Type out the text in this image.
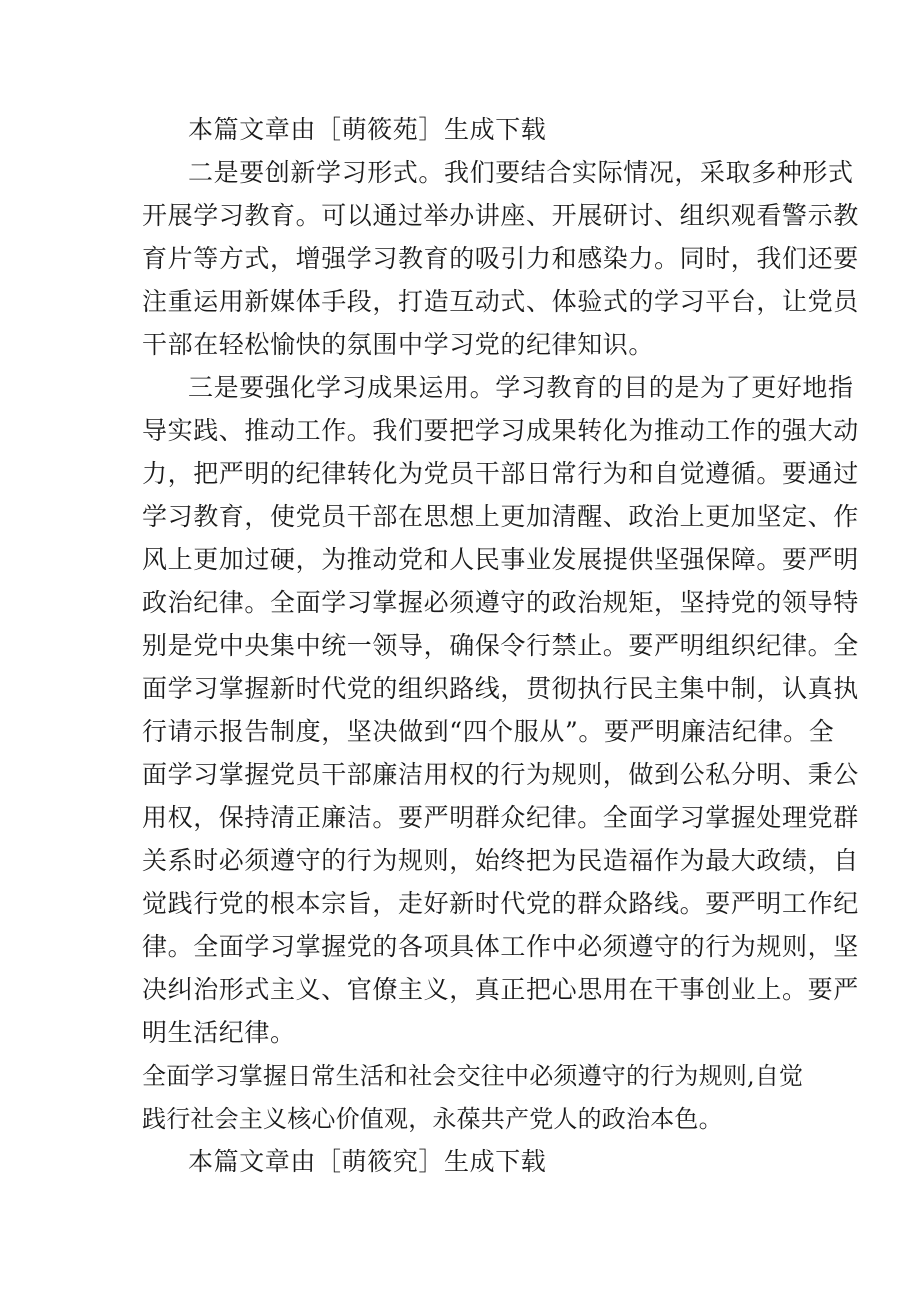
本篇文章由［萌筱苑］生成下载
二是要创新学习形式。我们要结合实际情况，采取多种形式
开展学习教育。可以通过举办讲座、开展研讨、组织观看警示教
育片等方式，增强学习教育的吸引力和感染力。同时，我们还要
注重运用新媒体手段，打造互动式、体验式的学习平台，让党员
干部在轻松愉快的氛围中学习党的纪律知识。
三是要强化学习成果运用。学习教育的目的是为了更好地指
导实践、推动工作。我们要把学习成果转化为推动工作的强大动
力，把严明的纪律转化为党员干部日常行为和自觉遵循。要通过
学习教育，使党员干部在思想上更加清醒、政治上更加坚定、作
风上更加过硬，为推动党和人民事业发展提供坚强保障。要严明
政治纪律。全面学习掌握必须遵守的政治规矩，坚持党的领导特
别是党中央集中统一领导，确保令行禁止。要严明组织纪律。全
面学习掌握新时代党的组织路线，贯彻执行民主集中制，认真执
行请示报告制度，坚决做到“四个服从”。要严明廉洁纪律。全
面学习掌握党员干部廉洁用权的行为规则，做到公私分明、秉公
用权，保持清正廉洁。要严明群众纪律。全面学习掌握处理党群
关系时必须遵守的行为规则，始终把为民造福作为最大政绩，自
觉践行党的根本宗旨，走好新时代党的群众路线。要严明工作纪
律。全面学习掌握党的各项具体工作中必须遵守的行为规则，坚
决纠治形式主义、官僚主义，真正把心思用在干事创业上。要严
明生活纪律。
全面学习掌握日常生活和社会交往中必须遵守的行为规则,自觉
践行社会主义核心价值观，永葆共产党人的政治本色。
本篇文章由［萌筱究］生成下载
